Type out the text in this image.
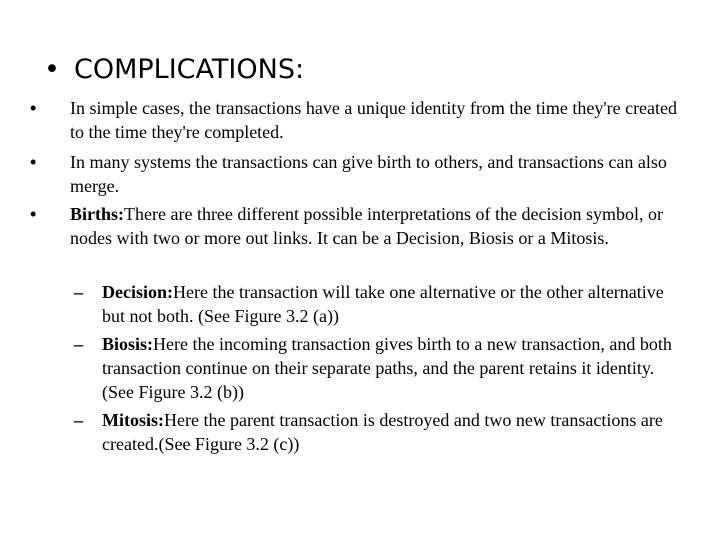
• COMPLICATIONS:
•	In simple cases, the transactions have a unique identity from the time they're created to the time they're completed.
•	In many systems the transactions can give birth to others, and transactions can also merge.
•	Births:There are three different possible interpretations of the decision symbol, or nodes with two or more out links. It can be a Decision, Biosis or a Mitosis.
– Decision:Here the transaction will take one alternative or the other alternative but not both. (See Figure 3.2 (a))
– Biosis:Here the incoming transaction gives birth to a new transaction, and both transaction continue on their separate paths, and the parent retains it identity. (See Figure 3.2 (b))
– Mitosis:Here the parent transaction is destroyed and two new transactions are created.(See Figure 3.2 (c))
